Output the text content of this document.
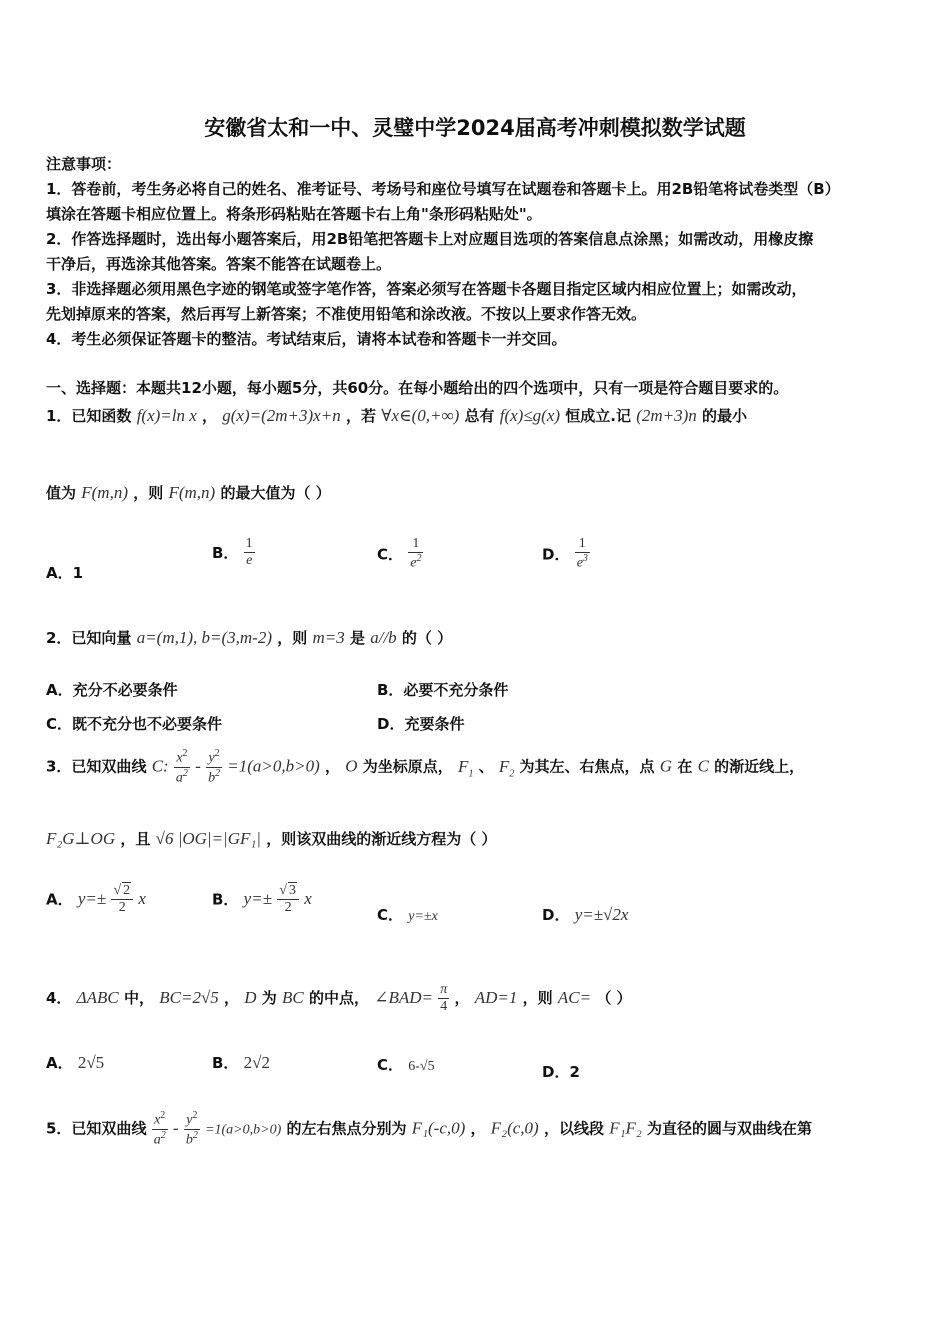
安徽省太和一中、灵璧中学2024届高考冲刺模拟数学试题
注意事项：
1．答卷前，考生务必将自己的姓名、准考证号、考场号和座位号填写在试题卷和答题卡上。用2B铅笔将试卷类型（B）
填涂在答题卡相应位置上。将条形码粘贴在答题卡右上角"条形码粘贴处"。
2．作答选择题时，选出每小题答案后，用2B铅笔把答题卡上对应题目选项的答案信息点涂黑；如需改动，用橡皮擦
干净后，再选涂其他答案。答案不能答在试题卷上。
3．非选择题必须用黑色字迹的钢笔或签字笔作答，答案必须写在答题卡各题目指定区域内相应位置上；如需改动，
先划掉原来的答案，然后再写上新答案；不准使用铅笔和涂改液。不按以上要求作答无效。
4．考生必须保证答题卡的整洁。考试结束后，请将本试卷和答题卡一并交回。
一、选择题：本题共12小题，每小题5分，共60分。在每小题给出的四个选项中，只有一项是符合题目要求的。
1．已知函数 f(x)=ln x ， g(x)=(2m+3)x+n ，若 ∀x∈(0,+∞) 总有 f(x)≤g(x) 恒成立.记 (2m+3)n 的最小
值为 F(m,n) ，则 F(m,n) 的最大值为（ ）
A．1
B． $\frac{1}{e}$	C． $\frac{1}{e^2}$	D． $\frac{1}{e^3}$
2．已知向量 a=(m,1), b=(3,m-2) ，则 m=3 是 a//b 的（ ）
A．充分不必要条件	B．必要不充分条件
C．既不充分也不必要条件	D．充要条件
3．已知双曲线 C: $\frac{x^2}{a^2} - \frac{y^2}{b^2} =1(a>0,b>0)$ ， O 为坐标原点， $F_1$ 、 $F_2$ 为其左、右焦点，点 G 在 C 的渐近线上，
F₂G⊥OG ，且 √6 |OG|=|GF₁| ，则该双曲线的渐近线方程为（ ）
A． $y=\pm \frac{√ 2}{2}$ x	B． $y=\pm \frac{√ 3}{2}$ x
C． y=±x	D． y=±√2x
4． ΔABC 中， BC=2√5 ， D 为 BC 的中点， ∠BAD= $\frac{\pi}{4}$ ， AD=1 ，则 AC= （ ）
A． 2√5	B． 2√2	C． 6-√5	D．2
5．已知双曲线 $\frac{x^2}{a^2} - \frac{y^2}{b^2} =1(a>0,b>0)$ 的左右焦点分别为 F₁(-c,0) ， F₂(c,0) ，以线段 F₁F₂ 为直径的圆与双曲线在第
